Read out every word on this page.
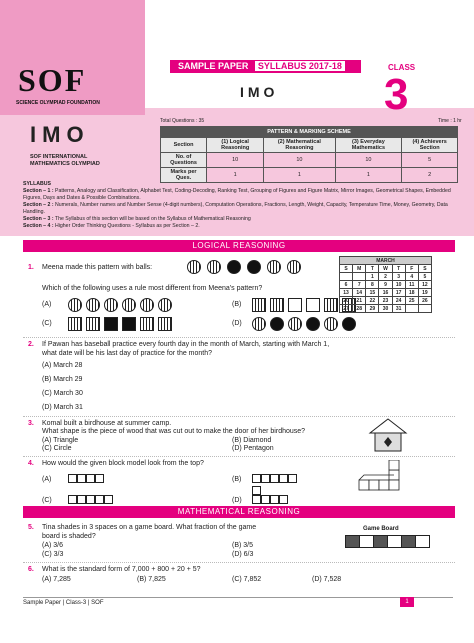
SOF
SCIENCE OLYMPIAD FOUNDATION
SAMPLE PAPER SYLLABUS 2017-18
IMO
CLASS
3
IMO
SOF INTERNATIONAL
MATHEMATICS OLYMPIAD
Total Questions : 35	Time : 1 hr
PATTERN & MARKING SCHEME				
Section	(1) Logical Reasoning	(2) Mathematical Reasoning	(3) Everyday Mathematics	(4) Achievers Section
No. of Questions	10	10	10	5
Marks per Ques.	1	1	1	2
SYLLABUS
Section – 1 : Patterns, Analogy and Classification, Alphabet Test, Coding-Decoding, Ranking Test, Grouping of Figures and Figure Matrix, Mirror Images, Geometrical Shapes, Embedded Figures, Days and Dates & Possible Combinations.
Section – 2 : Numerals, Number names and Number Sense (4-digit numbers), Computation Operations, Fractions, Length, Weight, Capacity, Temperature Time, Money, Geometry, Data Handling.
Section – 3 : The Syllabus of this section will be based on the Syllabus of Mathematical Reasoning
Section – 4 : Higher Order Thinking Questions - Syllabus as per Section – 2.
LOGICAL REASONING
1. Meena made this pattern with balls:
Which of the following uses a rule most different from Meena's pattern?
(A)	(B)
(C)	(D)
2. If Pawan has baseball practice every fourth day in the month of March, starting with March 1, what date will be his last day of practice for the month?
(A) March 28
(B) March 29
(C) March 30
(D) March 31
MARCH						
S	M	T	W	T	F	S
		1	2	3	4	5
6	7	8	9	10	11	12
13	14	15	16	17	18	19
20	21	22	23	24	25	26
27	28	29	30	31		
3. Komal built a birdhouse at summer camp.
What shape is the piece of wood that was cut out to make the door of her birdhouse?
(A) Triangle	(B) Diamond
(C) Circle	(D) Pentagon
4. How would the given block model look from the top?
(A)	(B)
(C)	(D)
MATHEMATICAL REASONING
5. Tina shades in 3 spaces on a game board. What fraction of the game board is shaded?
(A) 3/6	(B) 3/5
(C) 3/3	(D) 6/3
Game Board

6. What is the standard form of 7,000 + 800 + 20 + 5?
(A) 7,285	(B) 7,825	(C) 7,852	(D) 7,528
Sample Paper | Class-3 | SOF	1
